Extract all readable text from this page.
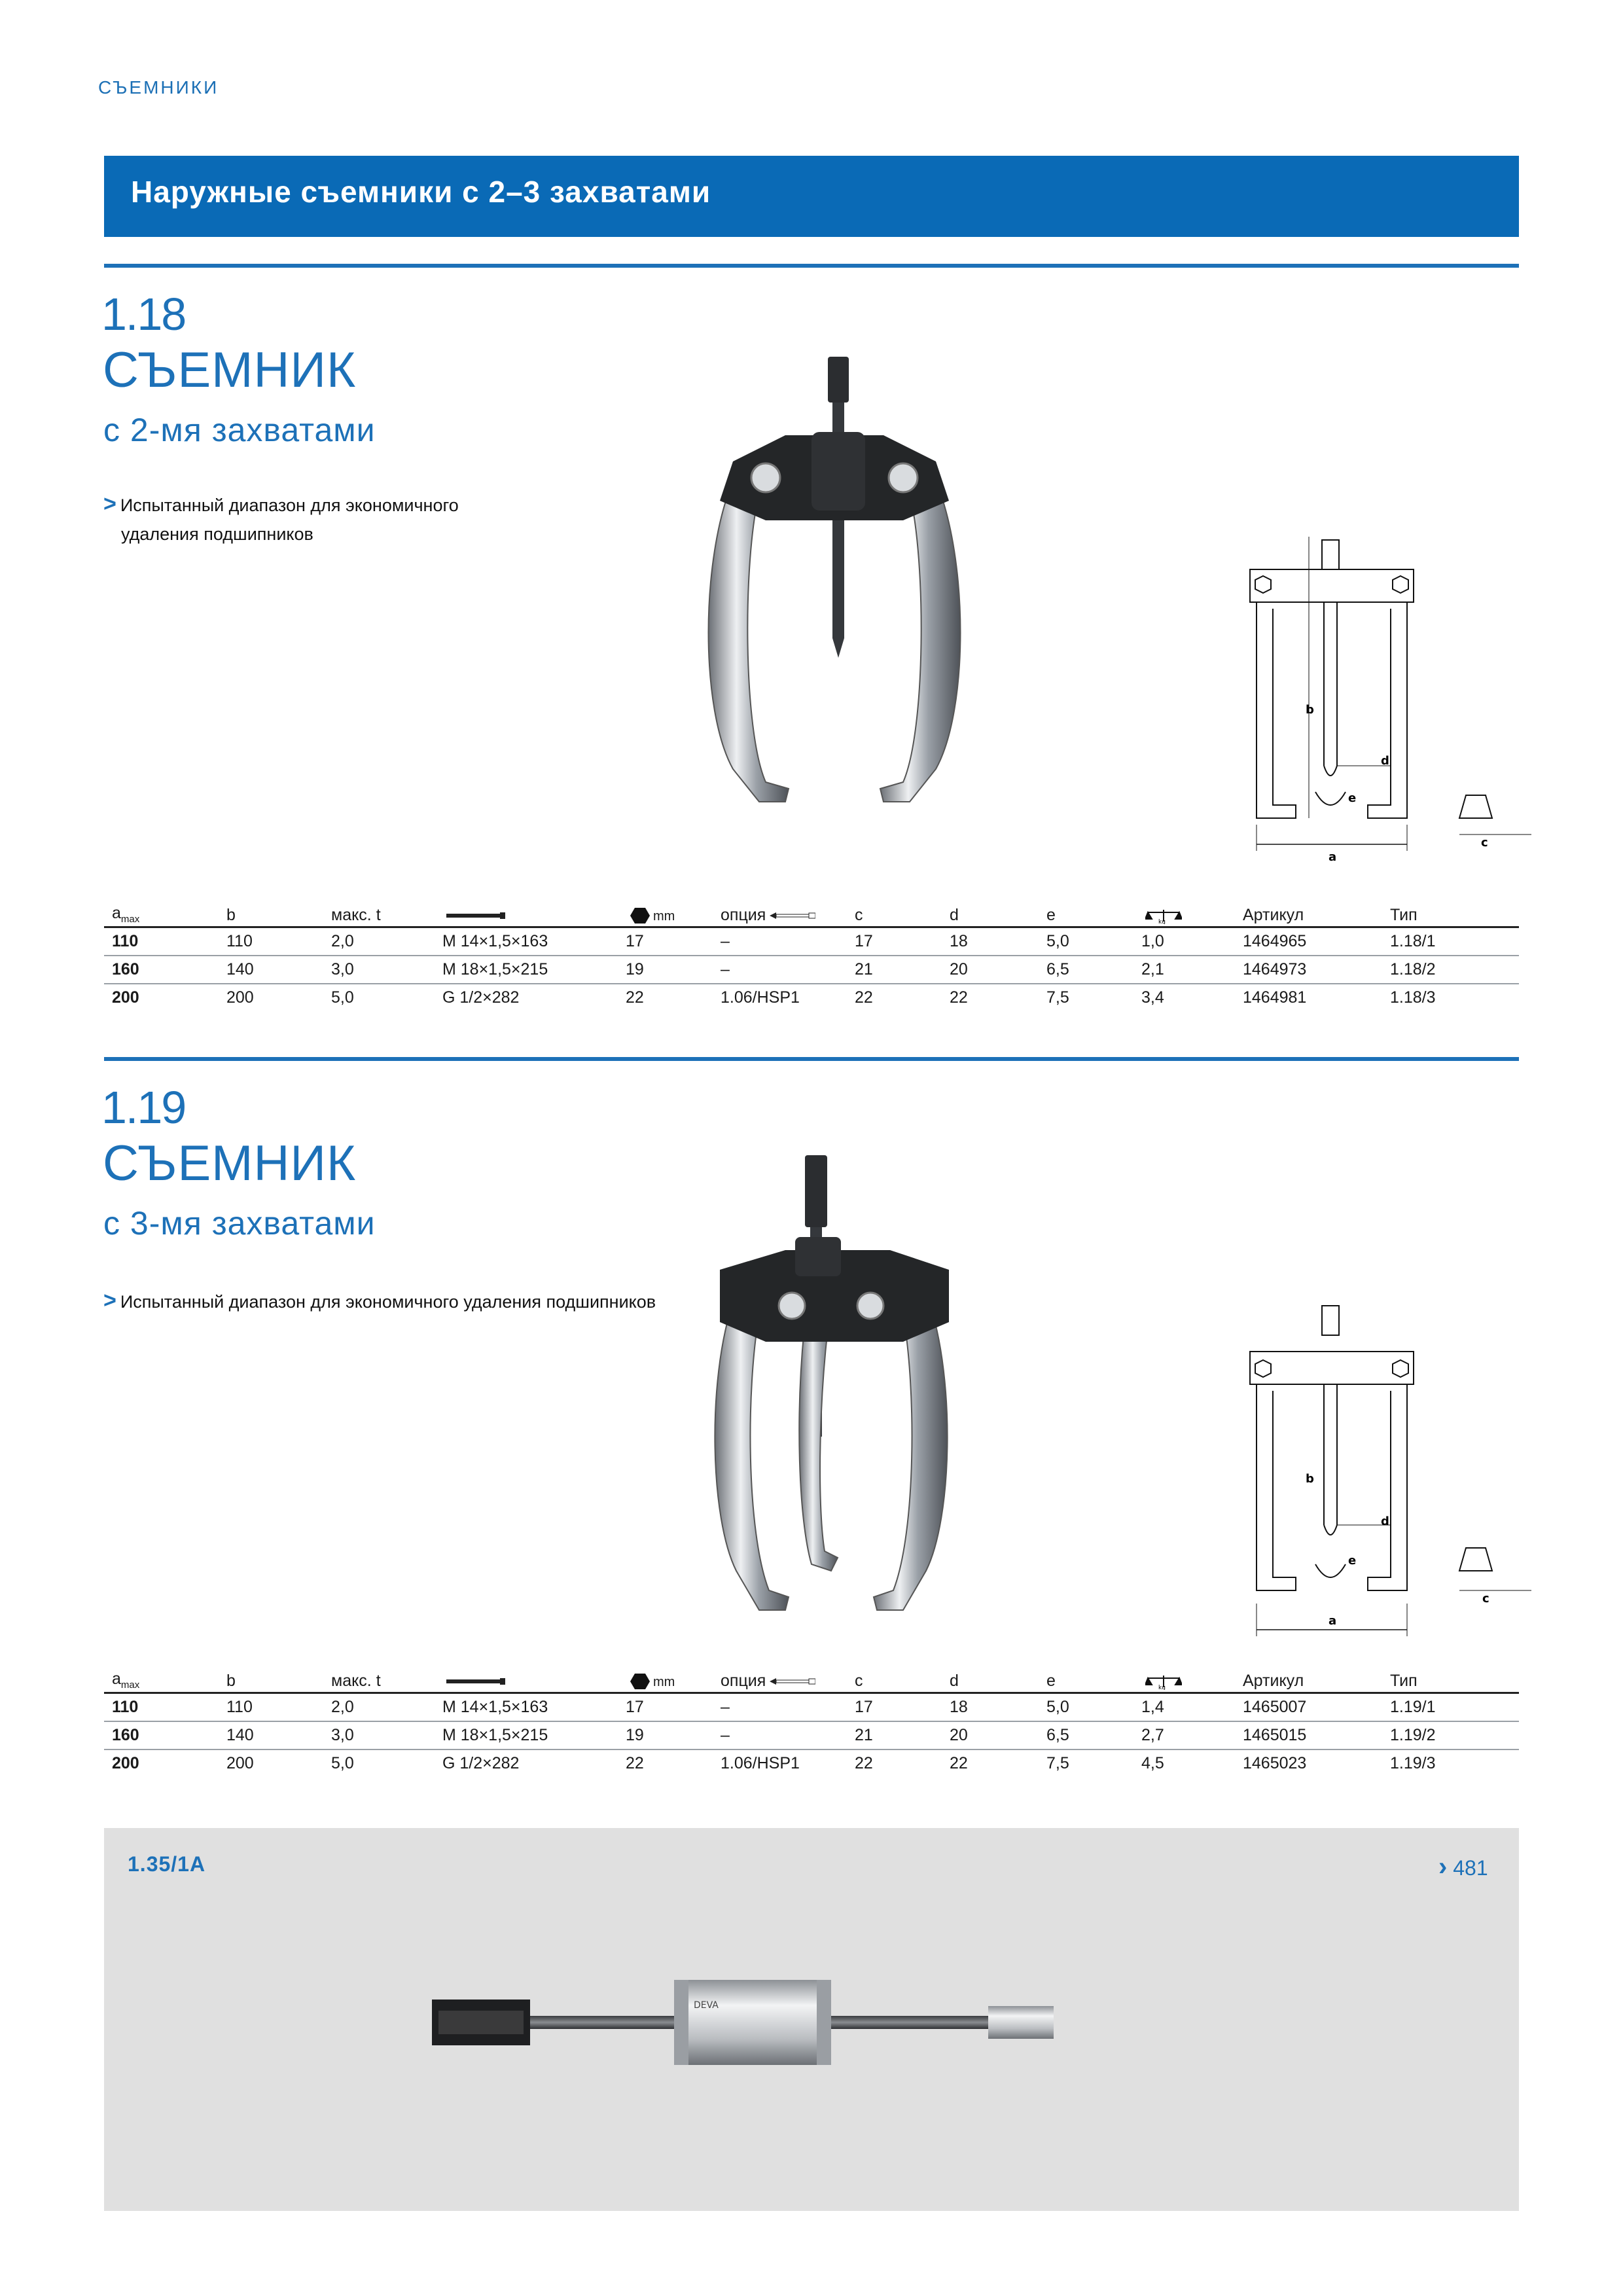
СЪЕМНИКИ
Наружные съемники с 2–3 захватами
1.18
СЪЕМНИК
с 2-мя захватами
> Испытанный диапазон для экономичного
удаления подшипников
b
d
e
a
c
$a_{max}$	b	макс. t		mm	опция	c	d	e	kg	Артикул	Тип
110	110	2,0	M 14×1,5×163	17	–	17	18	5,0	1,0	1464965	1.18/1
160	140	3,0	M 18×1,5×215	19	–	21	20	6,5	2,1	1464973	1.18/2
200	200	5,0	G 1/2×282	22	1.06/HSP1	22	22	7,5	3,4	1464981	1.18/3
1.19
СЪЕМНИК
с 3-мя захватами
> Испытанный диапазон для экономичного удаления подшипников
b
d
e
a
c
$a_{max}$	b	макс. t		mm	опция	c	d	e	kg	Артикул	Тип
110	110	2,0	M 14×1,5×163	17	–	17	18	5,0	1,4	1465007	1.19/1
160	140	3,0	M 18×1,5×215	19	–	21	20	6,5	2,7	1465015	1.19/2
200	200	5,0	G 1/2×282	22	1.06/HSP1	22	22	7,5	4,5	1465023	1.19/3
1.35/1A	› 481
DEVA
